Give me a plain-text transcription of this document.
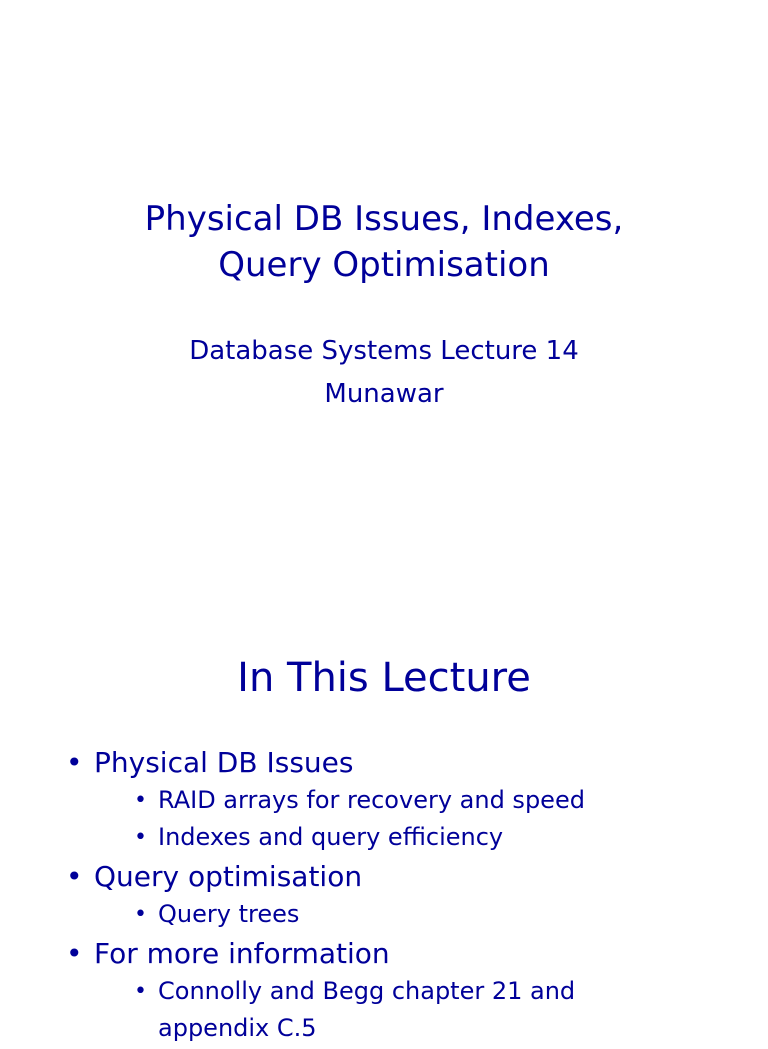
Physical DB Issues, Indexes,
Query Optimisation
Database Systems Lecture 14
Munawar
In This Lecture
• Physical DB Issues
• RAID arrays for recovery and speed
• Indexes and query efficiency
• Query optimisation
• Query trees
• For more information
• Connolly and Begg chapter 21 and
appendix C.5
